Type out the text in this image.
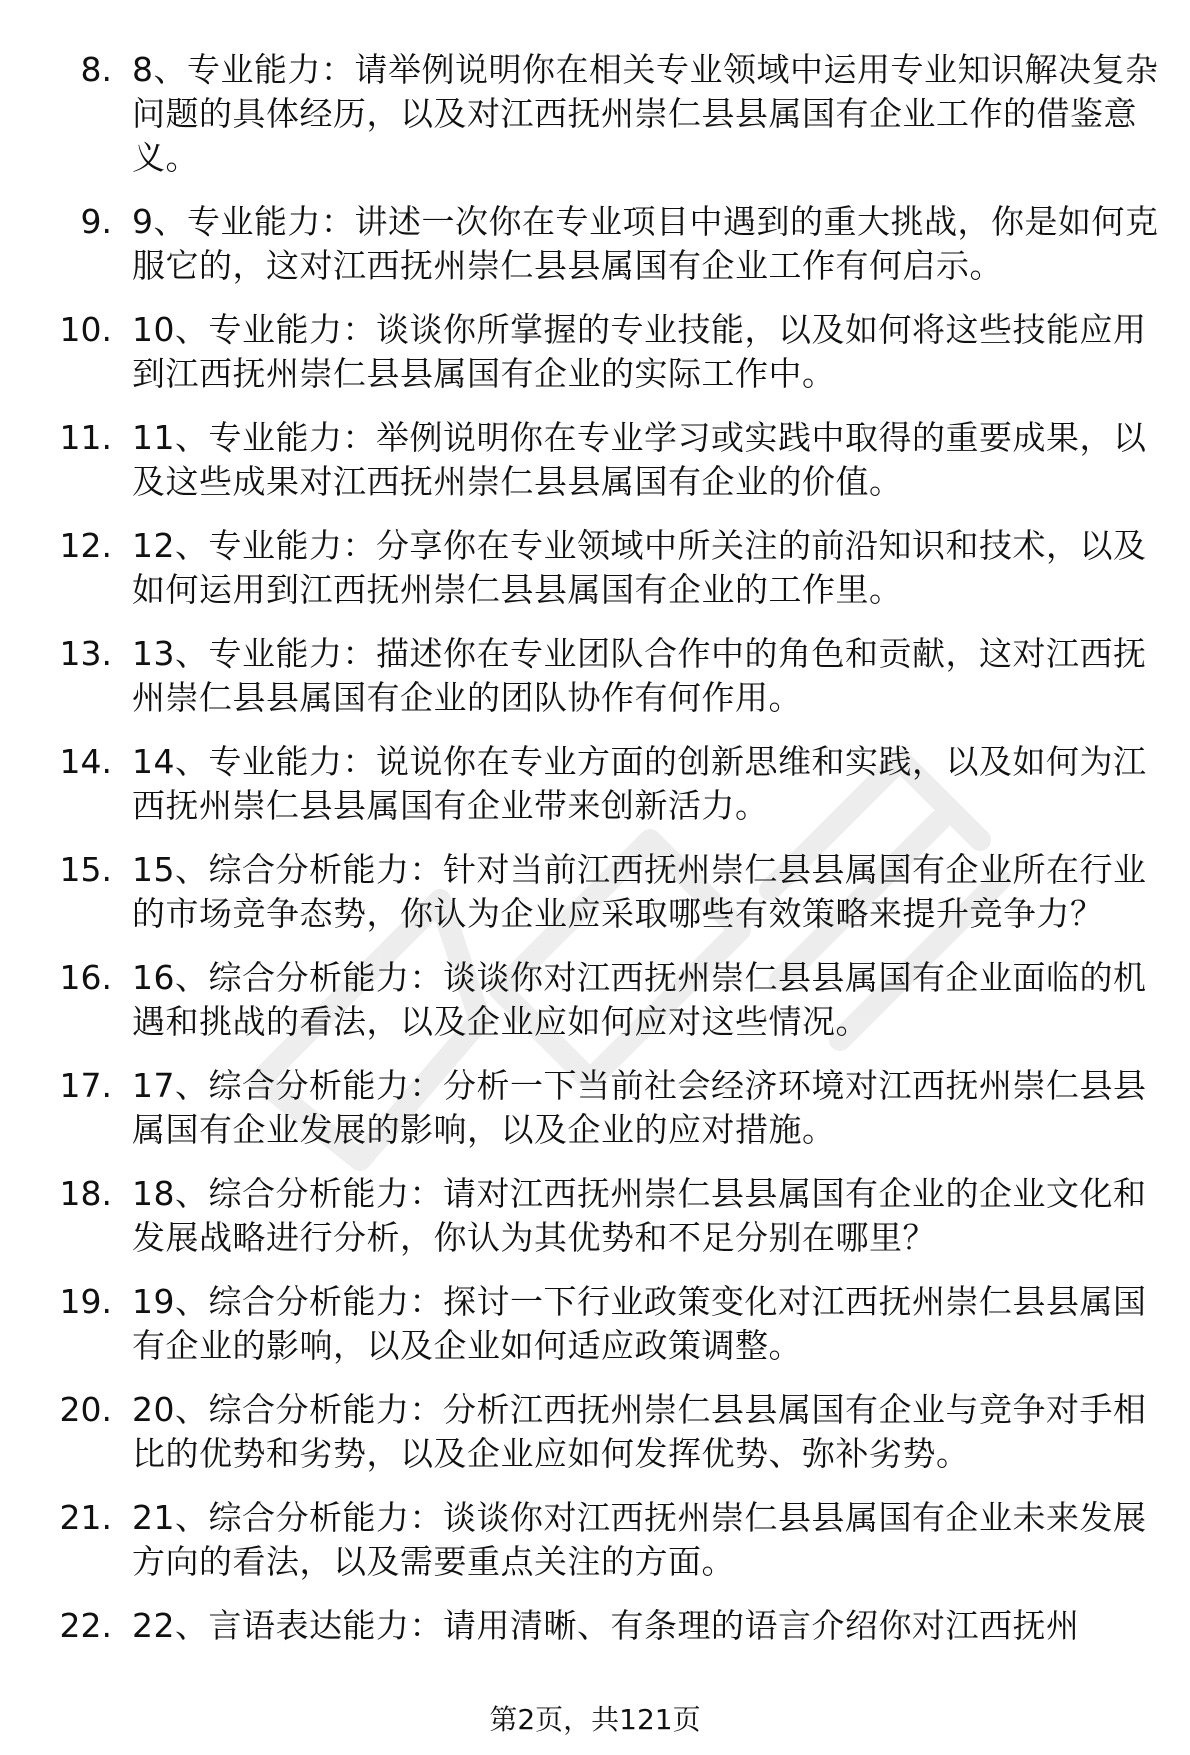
8. 8、专业能力：请举例说明你在相关专业领域中运用专业知识解决复杂问题的具体经历，以及对江西抚州崇仁县县属国有企业工作的借鉴意义。
9. 9、专业能力：讲述一次你在专业项目中遇到的重大挑战，你是如何克服它的，这对江西抚州崇仁县县属国有企业工作有何启示。
10. 10、专业能力：谈谈你所掌握的专业技能，以及如何将这些技能应用到江西抚州崇仁县县属国有企业的实际工作中。
11. 11、专业能力：举例说明你在专业学习或实践中取得的重要成果，以及这些成果对江西抚州崇仁县县属国有企业的价值。
12. 12、专业能力：分享你在专业领域中所关注的前沿知识和技术，以及如何运用到江西抚州崇仁县县属国有企业的工作里。
13. 13、专业能力：描述你在专业团队合作中的角色和贡献，这对江西抚州崇仁县县属国有企业的团队协作有何作用。
14. 14、专业能力：说说你在专业方面的创新思维和实践，以及如何为江西抚州崇仁县县属国有企业带来创新活力。
15. 15、综合分析能力：针对当前江西抚州崇仁县县属国有企业所在行业的市场竞争态势，你认为企业应采取哪些有效策略来提升竞争力？
16. 16、综合分析能力：谈谈你对江西抚州崇仁县县属国有企业面临的机遇和挑战的看法，以及企业应如何应对这些情况。
17. 17、综合分析能力：分析一下当前社会经济环境对江西抚州崇仁县县属国有企业发展的影响，以及企业的应对措施。
18. 18、综合分析能力：请对江西抚州崇仁县县属国有企业的企业文化和发展战略进行分析，你认为其优势和不足分别在哪里？
19. 19、综合分析能力：探讨一下行业政策变化对江西抚州崇仁县县属国有企业的影响，以及企业如何适应政策调整。
20. 20、综合分析能力：分析江西抚州崇仁县县属国有企业与竞争对手相比的优势和劣势，以及企业应如何发挥优势、弥补劣势。
21. 21、综合分析能力：谈谈你对江西抚州崇仁县县属国有企业未来发展方向的看法，以及需要重点关注的方面。
22. 22、言语表达能力：请用清晰、有条理的语言介绍你对江西抚州
第2页，共121页
